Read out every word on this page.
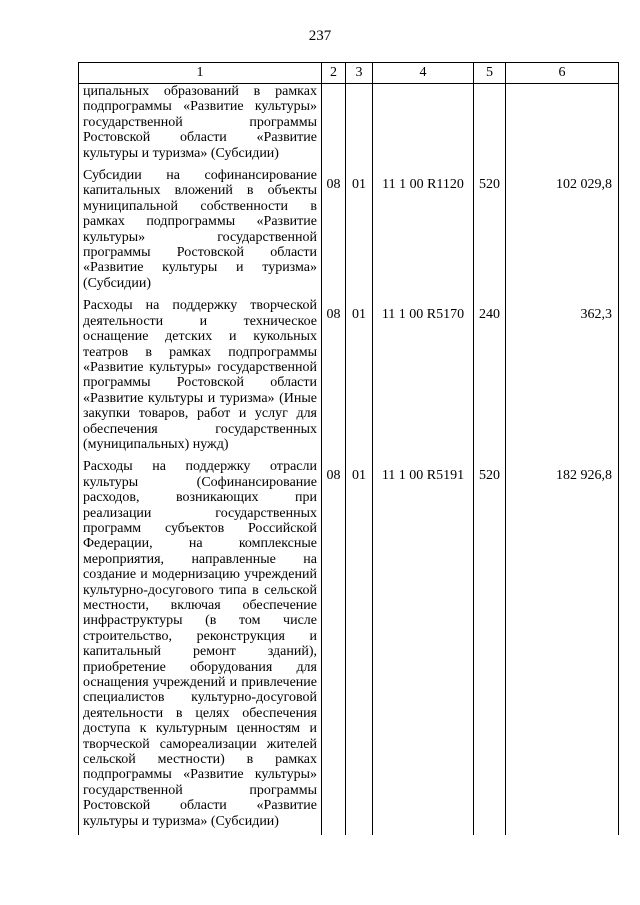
237
1	2	3	4	5	6
ципальных образований в рамках подпрограммы «Развитие культуры» государственной программы Ростовской области «Развитие культуры и туризма» (Субсидии)					
Субсидии на софинансирование капитальных вложений в объекты муниципальной собственности в рамках подпрограммы «Развитие культуры» государственной программы Ростовской области «Развитие культуры и туризма» (Субсидии)	08	01	11 1 00 R1120	520	102 029,8
Расходы на поддержку творческой деятельности и техническое оснащение детских и кукольных театров в рамках подпрограммы «Развитие культуры» государственной программы Ростовской области «Развитие культуры и туризма» (Иные закупки товаров, работ и услуг для обеспечения государственных (муниципальных) нужд)	08	01	11 1 00 R5170	240	362,3
Расходы на поддержку отрасли культуры (Софинансирование расходов, возникающих при реализации государственных программ субъектов Российской Федерации, на комплексные мероприятия, направленные на создание и модернизацию учреждений культурно-досугового типа в сельской местности, включая обеспечение инфраструктуры (в том числе строительство, реконструкция и капитальный ремонт зданий), приобретение оборудования для оснащения учреждений и привлечение специалистов культурно-досуговой деятельности в целях обеспечения доступа к культурным ценностям и творческой самореализации жителей сельской местности) в рамках подпрограммы «Развитие культуры» государственной программы Ростовской области «Развитие культуры и туризма» (Субсидии)	08	01	11 1 00 R5191	520	182 926,8
